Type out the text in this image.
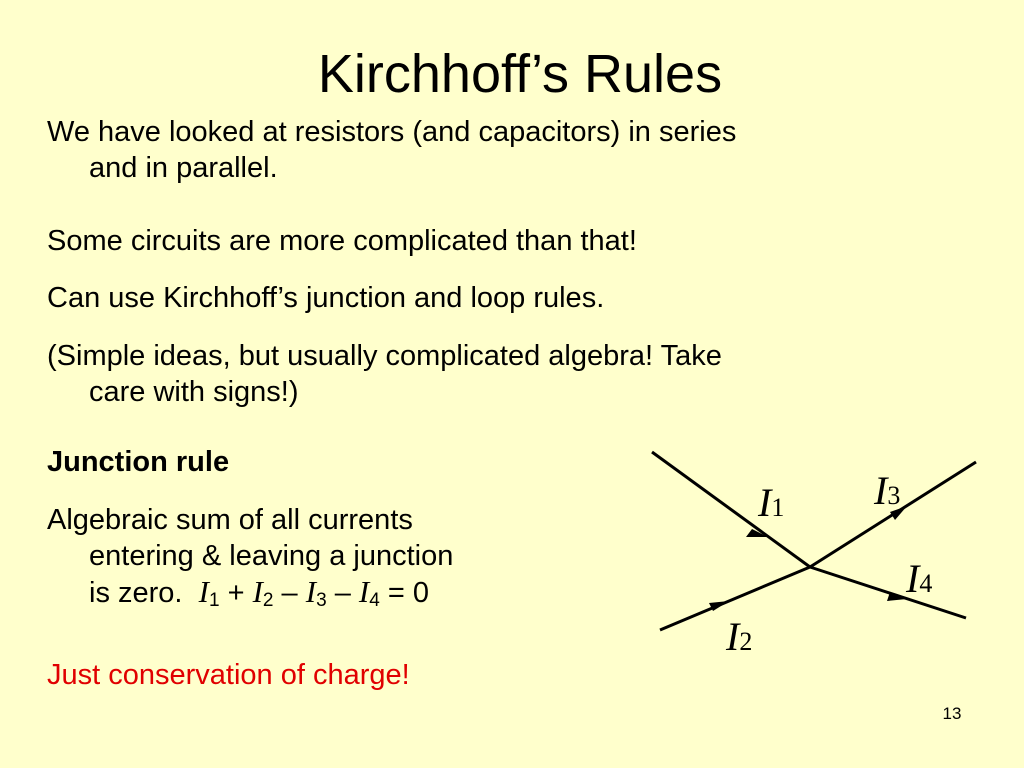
Kirchhoff’s Rules

We have looked at resistors (and capacitors) in series
and in parallel.

Some circuits are more complicated than that!

Can use Kirchhoff’s junction and loop rules.

(Simple ideas, but usually complicated algebra! Take
care with signs!)

Junction rule

Algebraic sum of all currents
entering & leaving a junction
is zero. $I_1 + I_2 - I_3 - I_4 = 0$

Just conservation of charge!

I1
I2
I3
I4
13
